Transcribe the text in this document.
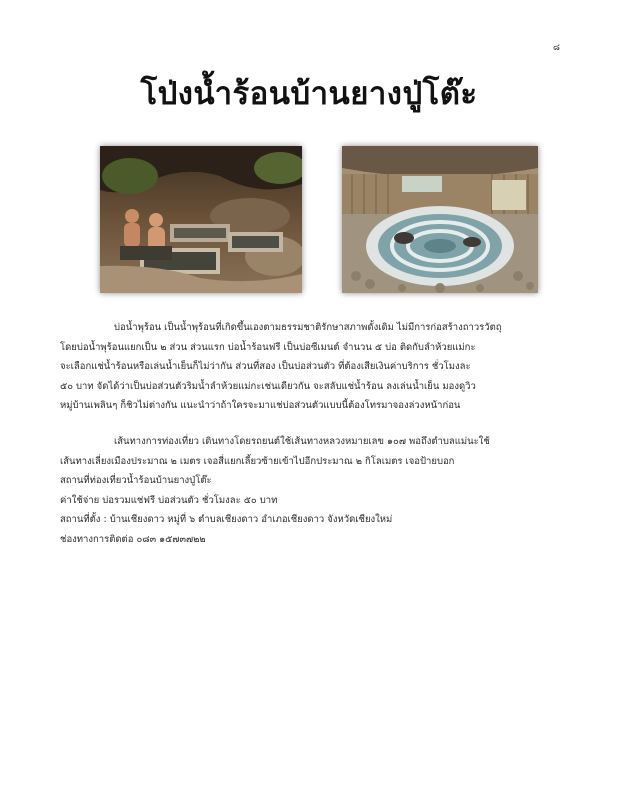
๘
โป่งน้ำร้อนบ้านยางปู่โต๊ะ

บ่อน้ำพุร้อน เป็นน้ำพุร้อนที่เกิดขึ้นเองตามธรรมชาติรักษาสภาพดั้งเดิม ไม่มีการก่อสร้างถาวรวัตถุ

โดยบ่อน้ำพุร้อนแยกเป็น ๒ ส่วน ส่วนแรก บ่อน้ำร้อนฟรี เป็นบ่อซีเมนต์ จำนวน ๕ บ่อ ติดกับลำห้วยแม่กะ

จะเลือกแช่น้ำร้อนหรือเล่นน้ำเย็นก็ไม่ว่ากัน ส่วนที่สอง เป็นบ่อส่วนตัว ที่ต้องเสียเงินค่าบริการ ชั่วโมงละ

๕๐ บาท จัดได้ว่าเป็นบ่อส่วนตัวริมน้ำลำห้วยแม่กะเช่นเดียวกัน จะสลับแช่น้ำร้อน ลงเล่นน้ำเย็น มองดูวิว

หมู่บ้านเพลินๆ ก็ชิวไม่ต่างกัน แนะนำว่าถ้าใครจะมาแช่บ่อส่วนตัวแบบนี้ต้องโทรมาจองล่วงหน้าก่อน

เส้นทางการท่องเที่ยว เดินทางโดยรถยนต์ใช้เส้นทางหลวงหมายเลข ๑๐๗ พอถึงตำบลแม่นะใช้

เส้นทางเลี่ยงเมืองประมาณ ๒ เมตร เจอสี่แยกเลี้ยวซ้ายเข้าไปอีกประมาณ ๒ กิโลเมตร เจอป้ายบอก

สถานที่ท่องเที่ยวน้ำร้อนบ้านยางปู่โต๊ะ

ค่าใช้จ่าย บ่อรวมแช่ฟรี บ่อส่วนตัว ชั่วโมงละ ๕๐ บาท

สถานที่ตั้ง : บ้านเชียงดาว หมู่ที่ ๖ ตำบลเชียงดาว อำเภอเชียงดาว จังหวัดเชียงใหม่

ช่องทางการติดต่อ ๐๘๓ ๑๕๗๓๗๒๒
